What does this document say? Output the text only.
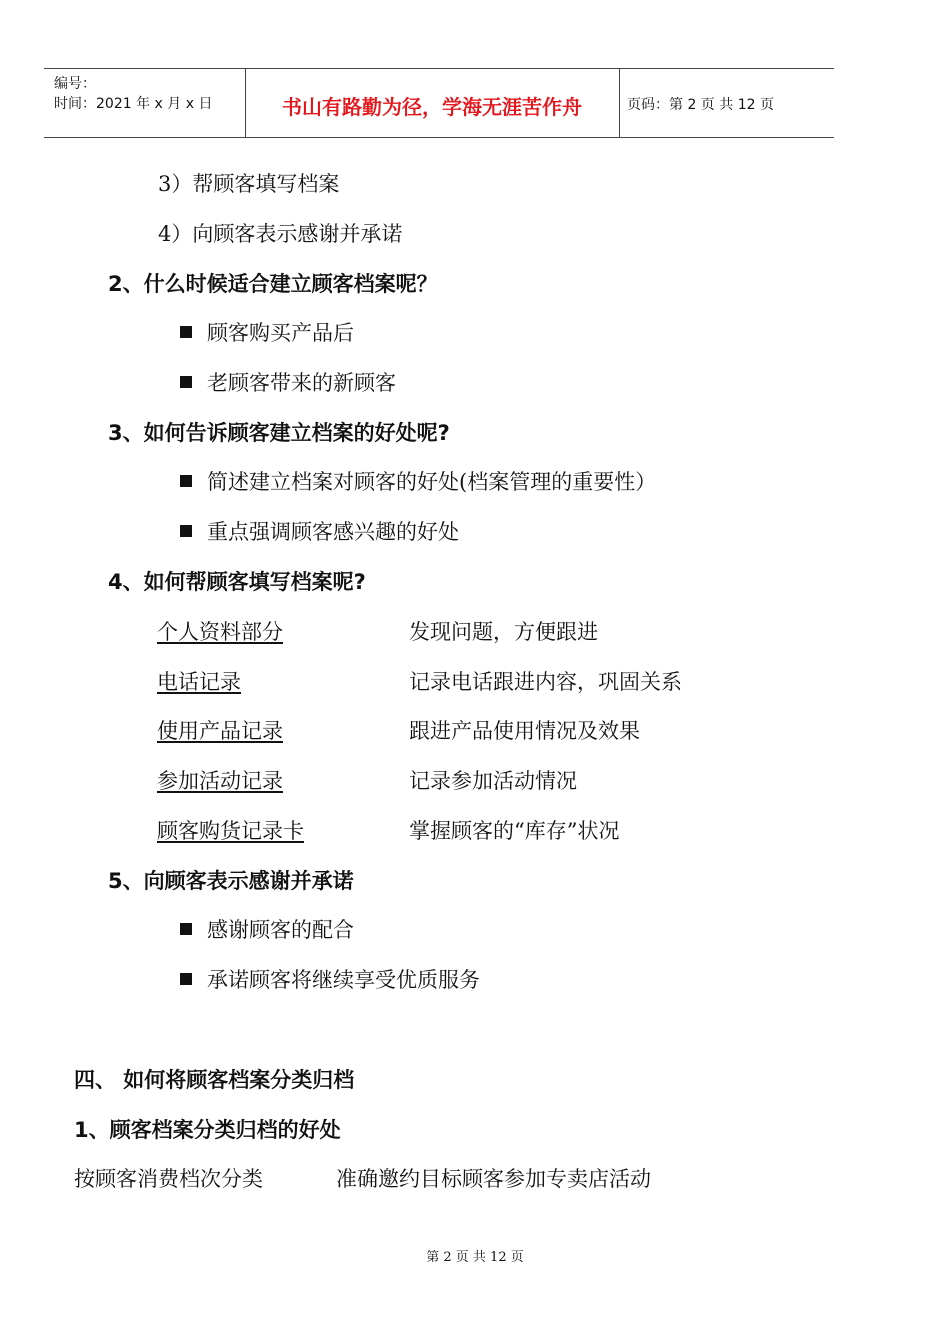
编号：
时间：2021 年 x 月 x 日	书山有路勤为径，学海无涯苦作舟	页码：第 2 页 共 12 页
3）帮顾客填写档案
4）向顾客表示感谢并承诺
2、什么时候适合建立顾客档案呢？
顾客购买产品后
老顾客带来的新顾客
3、如何告诉顾客建立档案的好处呢?
简述建立档案对顾客的好处(档案管理的重要性）
重点强调顾客感兴趣的好处
4、如何帮顾客填写档案呢?
个人资料部分	发现问题，方便跟进
电话记录	记录电话跟进内容，巩固关系
使用产品记录	跟进产品使用情况及效果
参加活动记录	记录参加活动情况
顾客购货记录卡	掌握顾客的“库存”状况
5、向顾客表示感谢并承诺
感谢顾客的配合
承诺顾客将继续享受优质服务
四、 如何将顾客档案分类归档
1、顾客档案分类归档的好处
按顾客消费档次分类	准确邀约目标顾客参加专卖店活动
第 2 页 共 12 页
